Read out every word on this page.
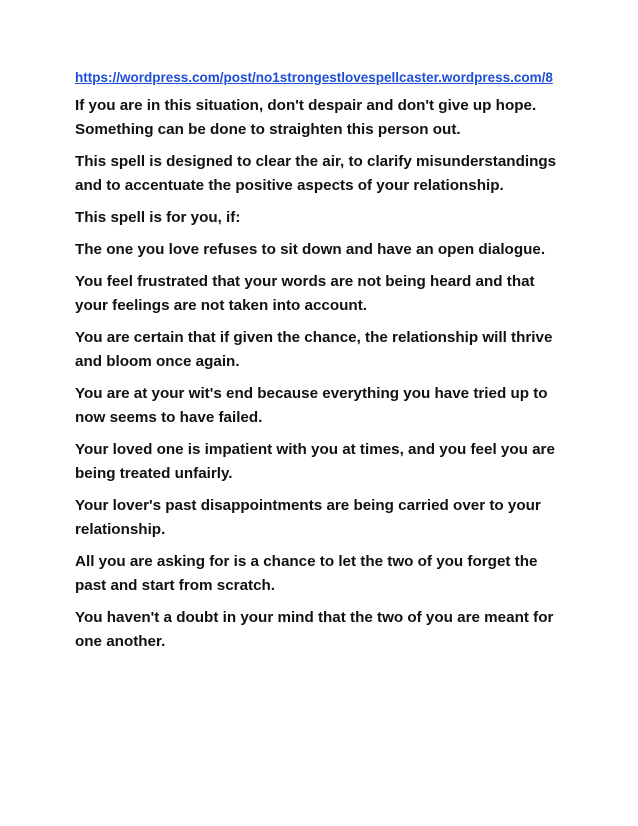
https://wordpress.com/post/no1strongestlovespellcaster.wordpress.com/8

If you are in this situation, don't despair and don't give up hope. Something can be done to straighten this person out.

This spell is designed to clear the air, to clarify misunderstandings and to accentuate the positive aspects of your relationship.

This spell is for you, if:

The one you love refuses to sit down and have an open dialogue.

You feel frustrated that your words are not being heard and that your feelings are not taken into account.

You are certain that if given the chance, the relationship will thrive and bloom once again.

You are at your wit's end because everything you have tried up to now seems to have failed.

Your loved one is impatient with you at times, and you feel you are being treated unfairly.

Your lover's past disappointments are being carried over to your relationship.

All you are asking for is a chance to let the two of you forget the past and start from scratch.

You haven't a doubt in your mind that the two of you are meant for one another.
